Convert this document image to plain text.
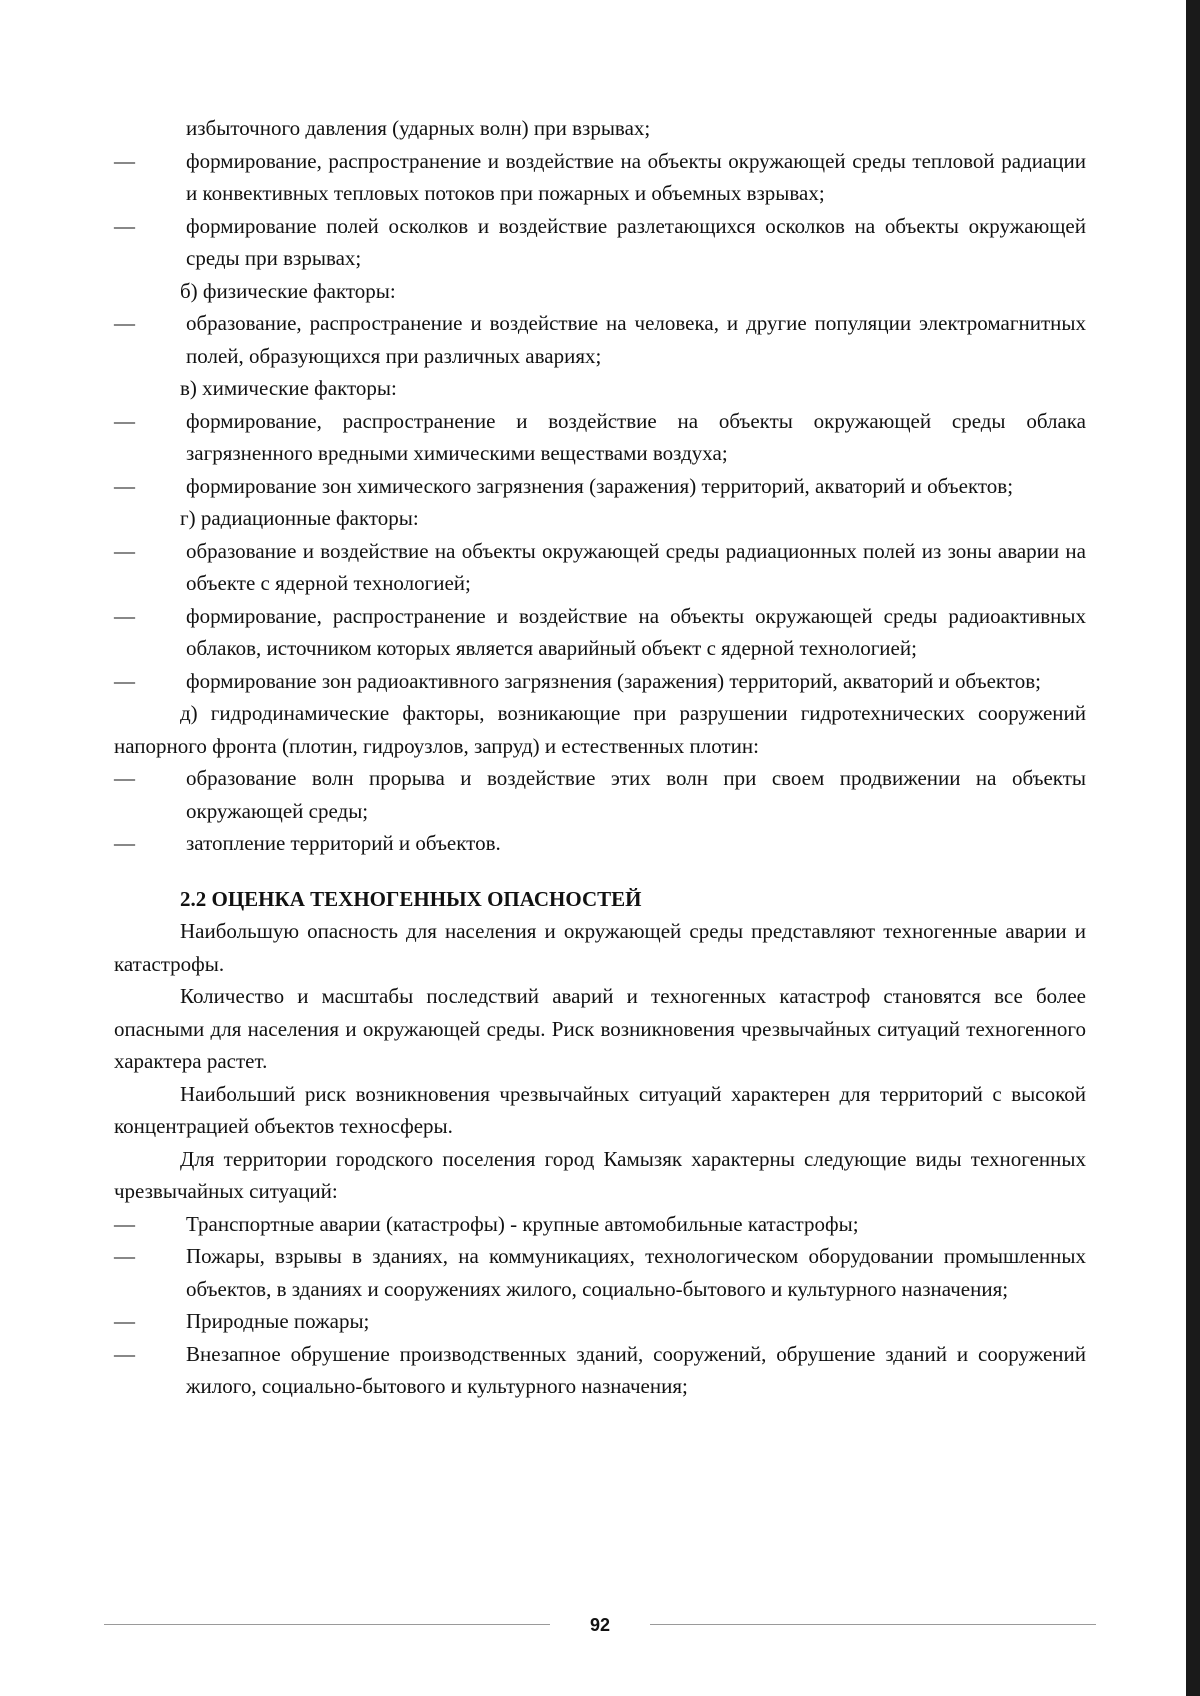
избыточного давления (ударных волн) при взрывах;

— формирование, распространение и воздействие на объекты окружающей среды тепловой радиации и конвективных тепловых потоков при пожарных и объемных взрывах;

— формирование полей осколков и воздействие разлетающихся осколков на объекты окружающей среды при взрывах;

б) физические факторы:

— образование, распространение и воздействие на человека, и другие популяции электромагнитных полей, образующихся при различных авариях;

в) химические факторы:

— формирование, распространение и воздействие на объекты окружающей среды облака загрязненного вредными химическими веществами воздуха;

— формирование зон химического загрязнения (заражения) территорий, акваторий и объектов;

г) радиационные факторы:

— образование и воздействие на объекты окружающей среды радиационных полей из зоны аварии на объекте с ядерной технологией;

— формирование, распространение и воздействие на объекты окружающей среды радиоактивных облаков, источником которых является аварийный объект с ядерной технологией;

— формирование зон радиоактивного загрязнения (заражения) территорий, акваторий и объектов;

д) гидродинамические факторы, возникающие при разрушении гидротехнических сооружений напорного фронта (плотин, гидроузлов, запруд) и естественных плотин:

— образование волн прорыва и воздействие этих волн при своем продвижении на объекты окружающей среды;

— затопление территорий и объектов.

2.2 ОЦЕНКА ТЕХНОГЕННЫХ ОПАСНОСТЕЙ

Наибольшую опасность для населения и окружающей среды представляют техногенные аварии и катастрофы.

Количество и масштабы последствий аварий и техногенных катастроф становятся все более опасными для населения и окружающей среды. Риск возникновения чрезвычайных ситуаций техногенного характера растет.

Наибольший риск возникновения чрезвычайных ситуаций характерен для территорий с высокой концентрацией объектов техносферы.

Для территории городского поселения город Камызяк характерны следующие виды техногенных чрезвычайных ситуаций:

— Транспортные аварии (катастрофы) - крупные автомобильные катастрофы;

— Пожары, взрывы в зданиях, на коммуникациях, технологическом оборудовании промышленных объектов, в зданиях и сооружениях жилого, социально-бытового и культурного назначения;

— Природные пожары;

— Внезапное обрушение производственных зданий, сооружений, обрушение зданий и сооружений жилого, социально-бытового и культурного назначения;

92
